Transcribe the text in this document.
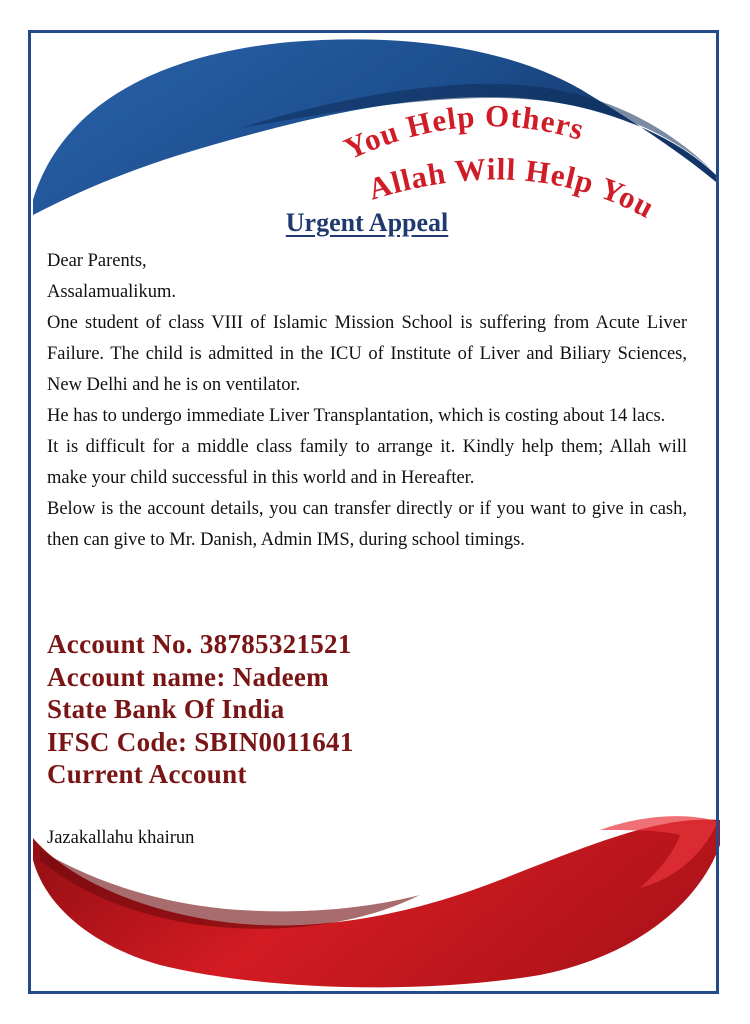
You Help Others
Allah Will Help You
Urgent Appeal

Dear Parents,

Assalamualikum.

One student of class VIII of Islamic Mission School is suffering from Acute Liver Failure. The child is admitted in the ICU of Institute of Liver and Biliary Sciences, New Delhi and he is on ventilator.

He has to undergo immediate Liver Transplantation, which is costing about 14 lacs.

It is difficult for a middle class family to arrange it. Kindly help them; Allah will make your child successful in this world and in Hereafter.

Below is the account details, you can transfer directly or if you want to give in cash, then can give to Mr. Danish, Admin IMS, during school timings.

Account No. 38785321521
Account name: Nadeem
State Bank Of India
IFSC Code: SBIN0011641
Current Account
Jazakallahu khairun
